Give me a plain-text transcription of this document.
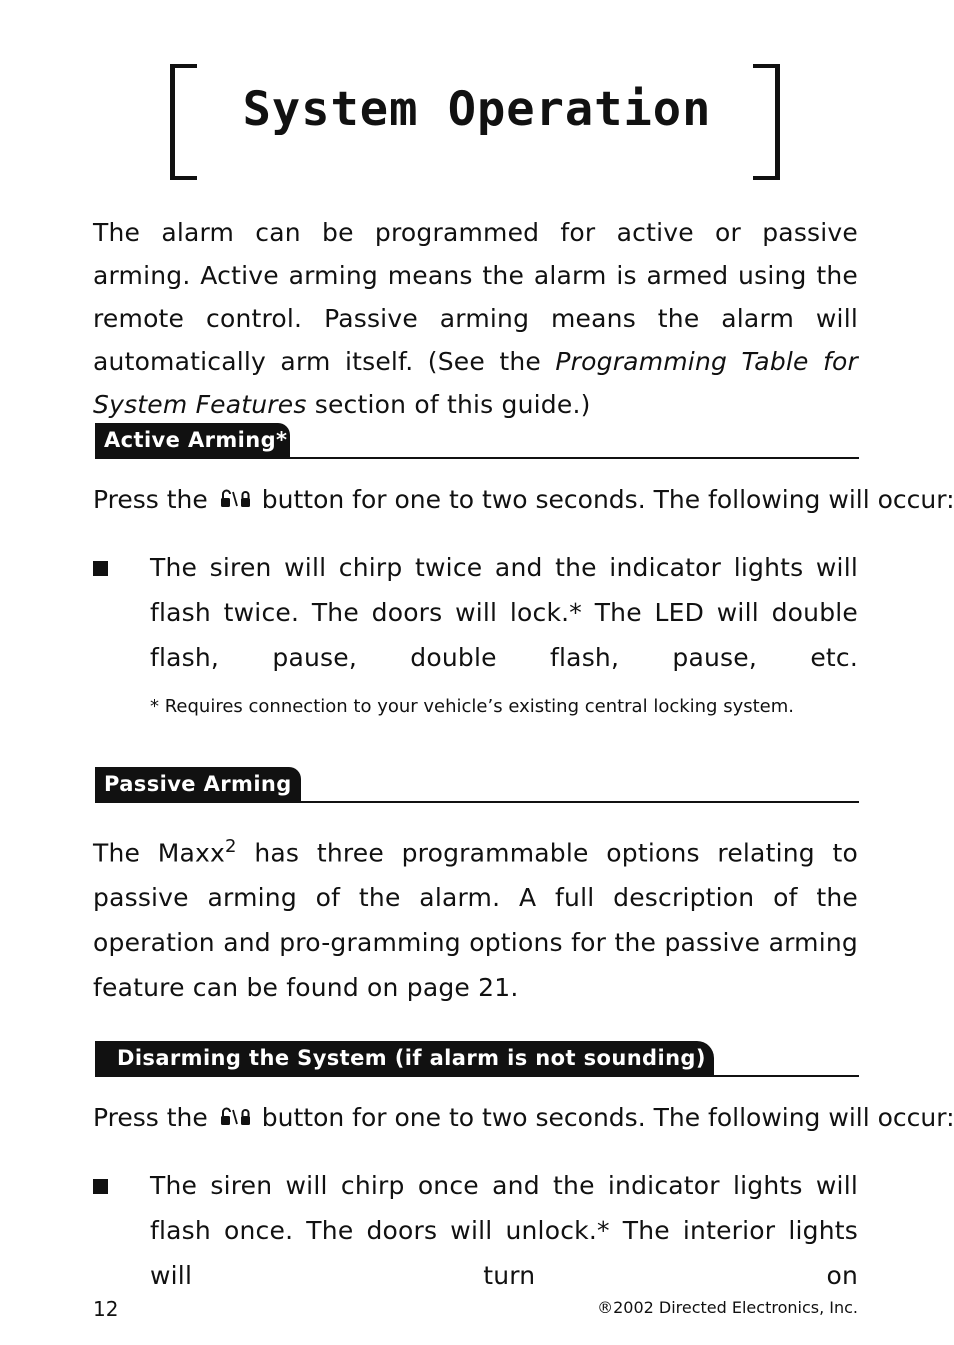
System Operation
The alarm can be programmed for active or passive arming. Active arming means the alarm is armed using the remote control. Passive arming means the alarm will automatically arm itself. (See the Programming Table for System Features section of this guide.)
Active Arming*
Press the button for one to two seconds. The following will occur:
The siren will chirp twice and the indicator lights will flash twice. The doors will lock.* The LED will double flash, pause, double flash, pause, etc.
* Requires connection to your vehicle’s existing central locking system.
Passive Arming
The Maxx$^2$ has three programmable options relating to passive arming of the alarm. A full description of the operation and pro-gramming options for the passive arming feature can be found on page 21.
Disarming the System (if alarm is not sounding)
Press the button for one to two seconds. The following will occur:
The siren will chirp once and the indicator lights will flash once. The doors will unlock.* The interior lights will turn on
12	®2002 Directed Electronics, Inc.
